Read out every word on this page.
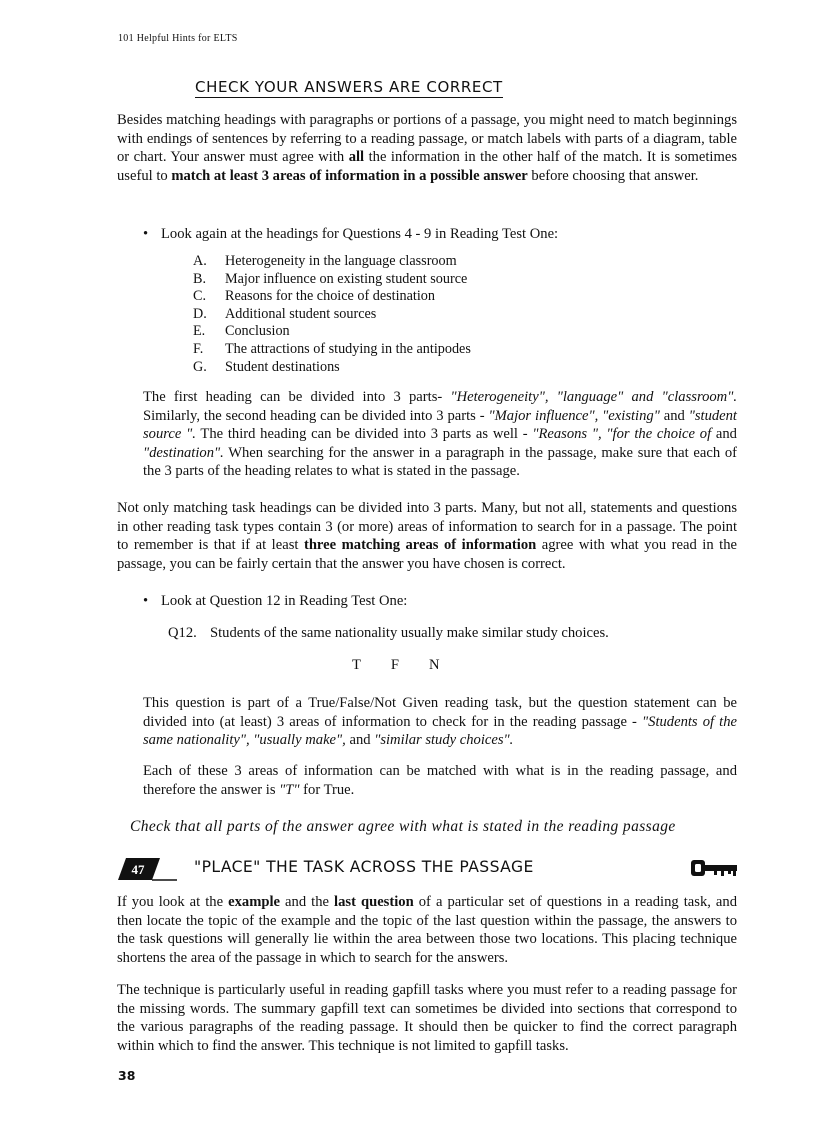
101 Helpful Hints for ELTS
CHECK YOUR ANSWERS ARE CORRECT

Besides matching headings with paragraphs or portions of a passage, you might need to match beginnings with endings of sentences by referring to a reading passage, or match labels with parts of a diagram, table or chart. Your answer must agree with all the information in the other half of the match. It is sometimes useful to match at least 3 areas of information in a possible answer before choosing that answer.

• Look again at the headings for Questions 4 - 9 in Reading Test One:
A. Heterogeneity in the language classroom
B. Major influence on existing student source
C. Reasons for the choice of destination
D. Additional student sources
E. Conclusion
F. The attractions of studying in the antipodes
G. Student destinations

The first heading can be divided into 3 parts- "Heterogeneity", "language" and "classroom". Similarly, the second heading can be divided into 3 parts - "Major influence", "existing" and "student source ". The third heading can be divided into 3 parts as well - "Reasons ", "for the choice of and "destination". When searching for the answer in a paragraph in the passage, make sure that each of the 3 parts of the heading relates to what is stated in the passage.

Not only matching task headings can be divided into 3 parts. Many, but not all, statements and questions in other reading task types contain 3 (or more) areas of information to search for in a passage. The point to remember is that if at least three matching areas of information agree with what you read in the passage, you can be fairly certain that the answer you have chosen is correct.

• Look at Question 12 in Reading Test One:
Q12. Students of the same nationality usually make similar study choices.
T F N

This question is part of a True/False/Not Given reading task, but the question statement can be divided into (at least) 3 areas of information to check for in the reading passage - "Students of the same nationality", "usually make", and "similar study choices".

Each of these 3 areas of information can be matched with what is in the reading passage, and therefore the answer is "T" for True.

Check that all parts of the answer agree with what is stated in the reading passage
47	"PLACE" THE TASK ACROSS THE PASSAGE

If you look at the example and the last question of a particular set of questions in a reading task, and then locate the topic of the example and the topic of the last question within the passage, the answers to the task questions will generally lie within the area between those two locations. This placing technique shortens the area of the passage in which to search for the answers.

The technique is particularly useful in reading gapfill tasks where you must refer to a reading passage for the missing words. The summary gapfill text can sometimes be divided into sections that correspond to the various paragraphs of the reading passage. It should then be quicker to find the correct paragraph within which to find the answer. This technique is not limited to gapfill tasks.

38
